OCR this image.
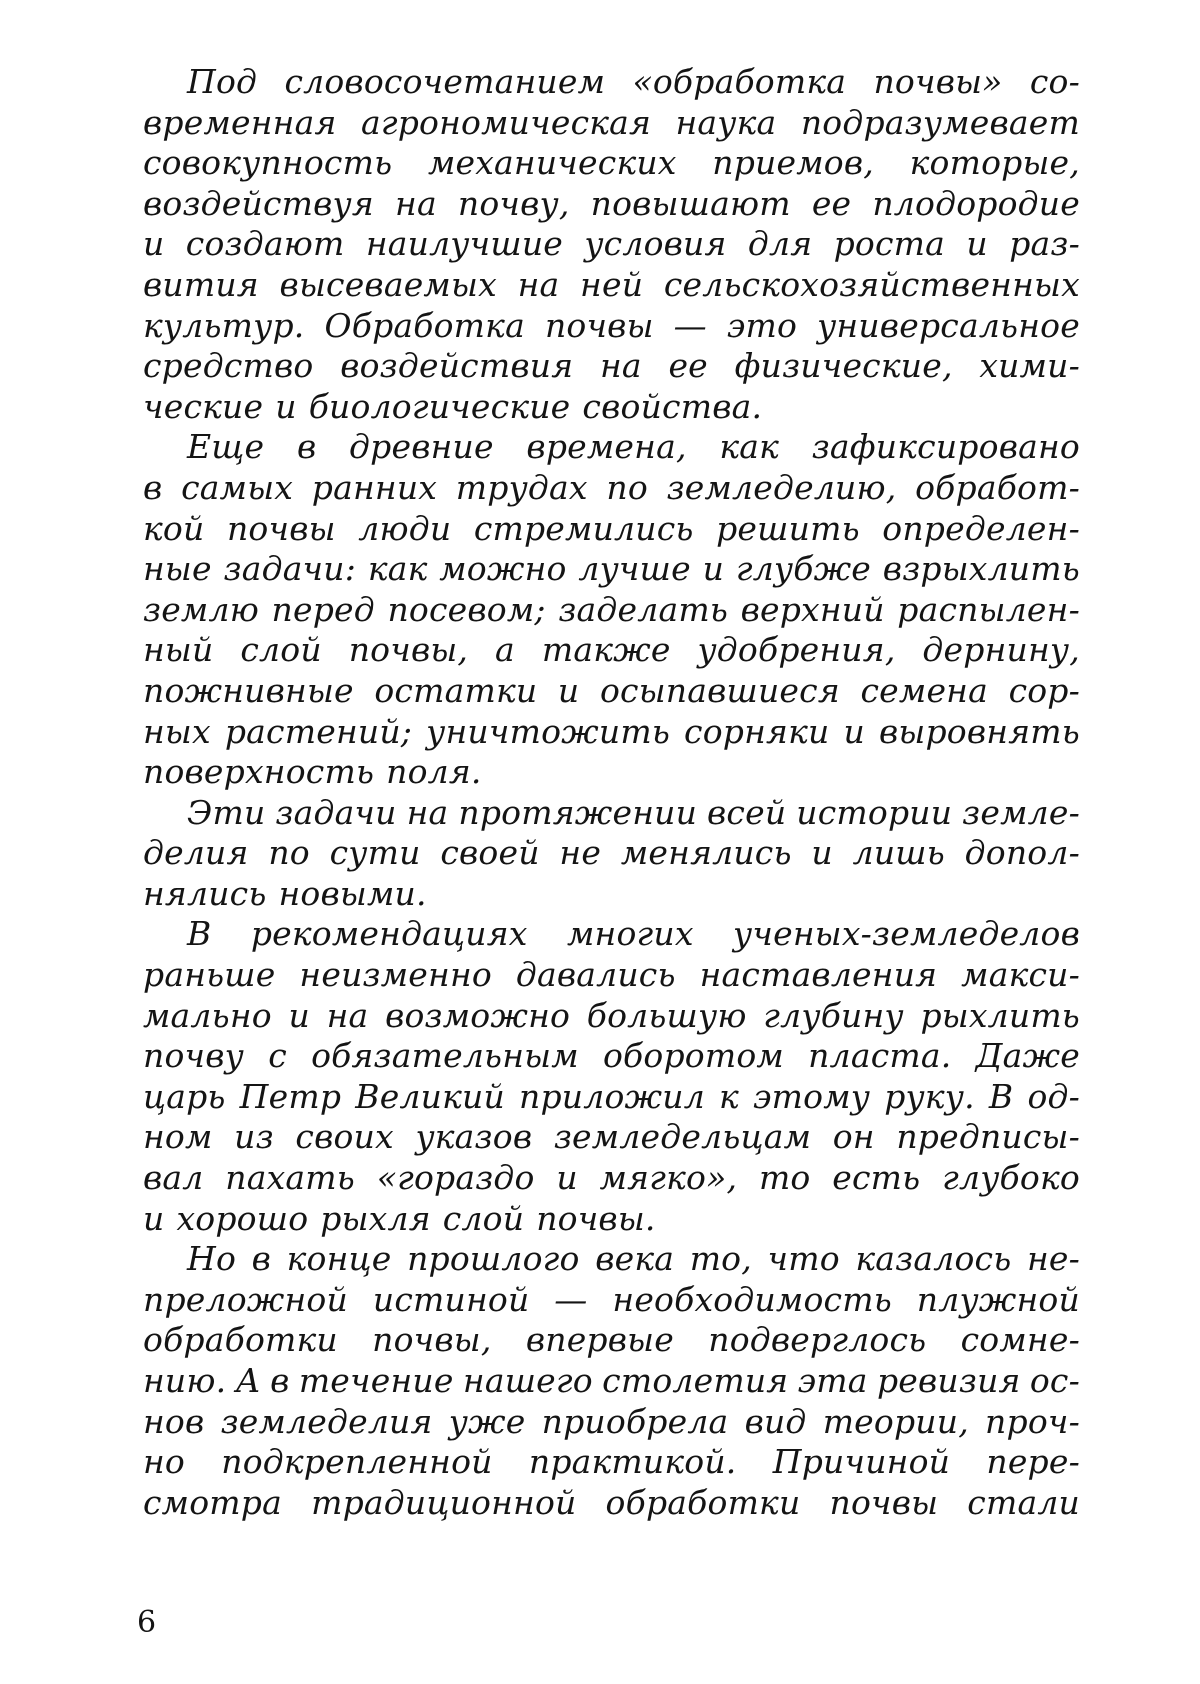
Под словосочетанием «обработка почвы» со-
временная агрономическая наука подразумевает
совокупность механических приемов, которые,
воздействуя на почву, повышают ее плодородие
и создают наилучшие условия для роста и раз-
вития высеваемых на ней сельскохозяйственных
культур. Обработка почвы — это универсальное
средство воздействия на ее физические, хими-
ческие и биологические свойства.
Еще в древние времена, как зафиксировано
в самых ранних трудах по земледелию, обработ-
кой почвы люди стремились решить определен-
ные задачи: как можно лучше и глубже взрыхлить
землю перед посевом; заделать верхний распылен-
ный слой почвы, а также удобрения, дернину,
пожнивные остатки и осыпавшиеся семена сор-
ных растений; уничтожить сорняки и выровнять
поверхность поля.
Эти задачи на протяжении всей истории земле-
делия по сути своей не менялись и лишь допол-
нялись новыми.
В рекомендациях многих ученых-земледелов
раньше неизменно давались наставления макси-
мально и на возможно большую глубину рыхлить
почву с обязательным оборотом пласта. Даже
царь Петр Великий приложил к этому руку. В од-
ном из своих указов земледельцам он предписы-
вал пахать «гораздо и мягко», то есть глубоко
и хорошо рыхля слой почвы.
Но в конце прошлого века то, что казалось не-
преложной истиной — необходимость плужной
обработки почвы, впервые подверглось сомне-
нию. А в течение нашего столетия эта ревизия ос-
нов земледелия уже приобрела вид теории, проч-
но подкрепленной практикой. Причиной пере-
смотра традиционной обработки почвы стали
6
